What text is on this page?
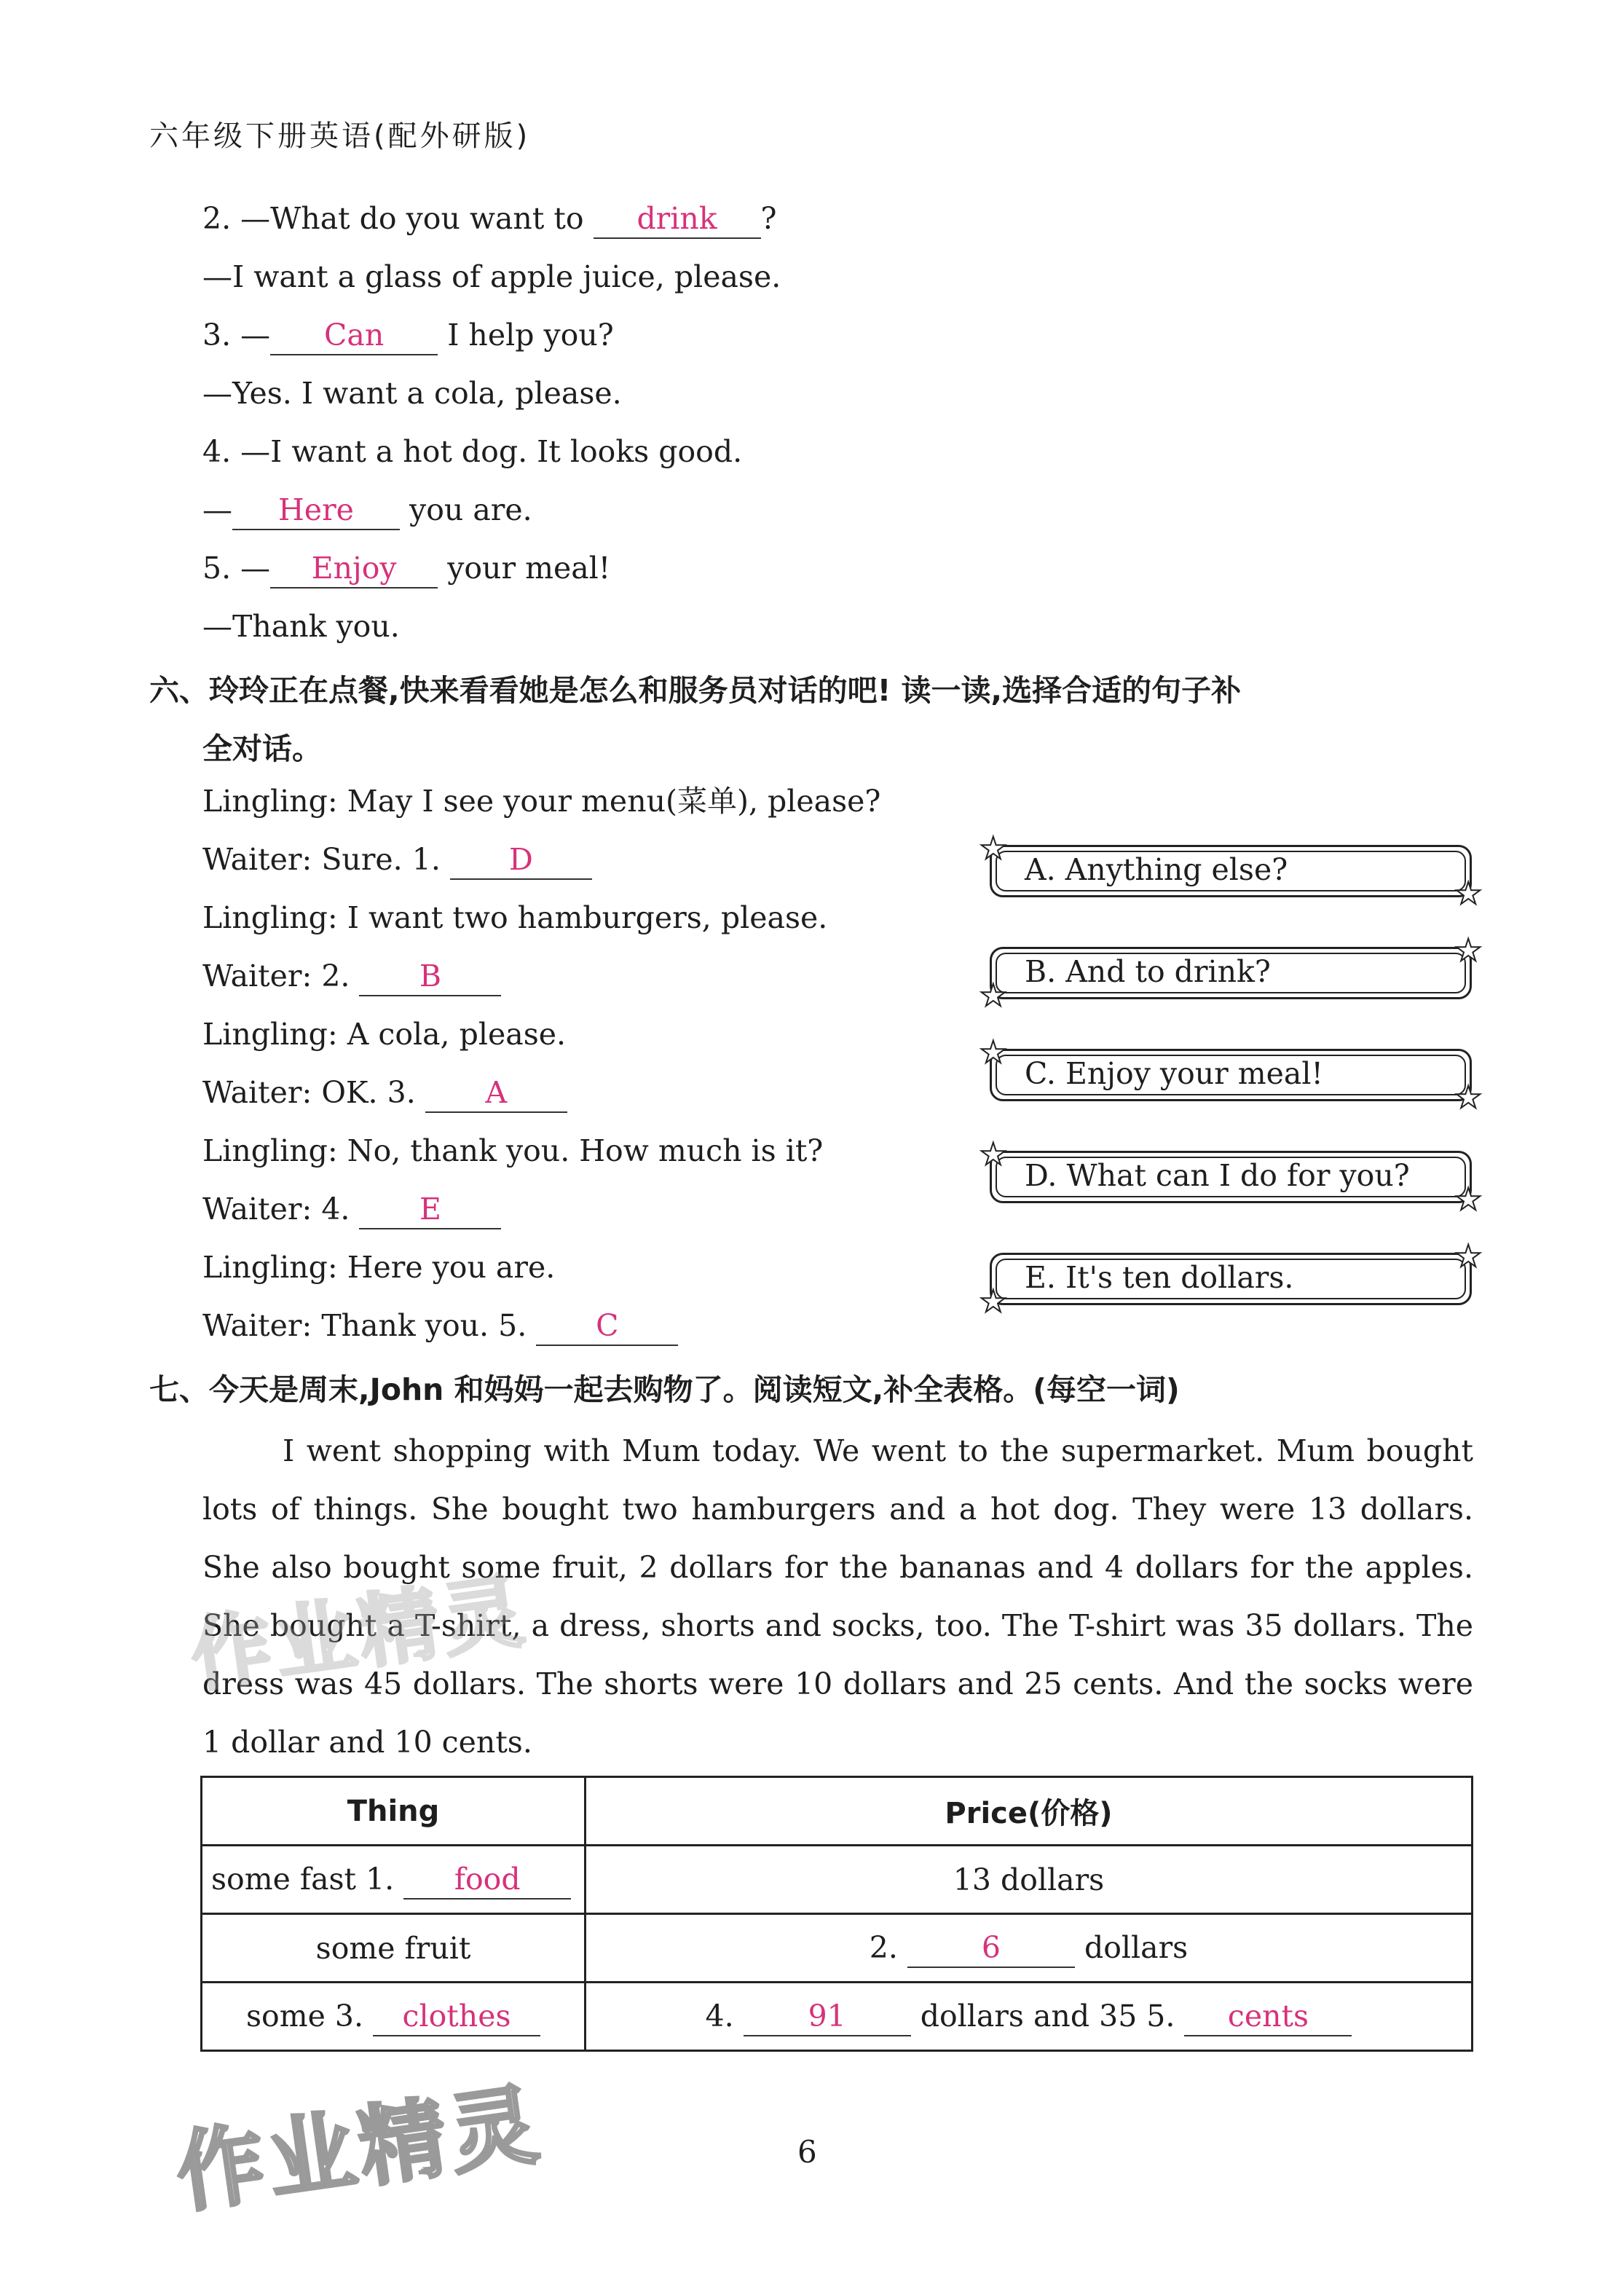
六年级下册英语(配外研版)
2. —What do you want to drink ?
—I want a glass of apple juice, please.
3. — Can I help you?
—Yes. I want a cola, please.
4. —I want a hot dog. It looks good.
— Here you are.
5. — Enjoy your meal!
—Thank you.
六、玲玲正在点餐,快来看看她是怎么和服务员对话的吧! 读一读,选择合适的句子补
全对话。
Lingling: May I see your menu(菜单), please?
Waiter: Sure. 1. D
Lingling: I want two hamburgers, please.
Waiter: 2. B
Lingling: A cola, please.
Waiter: OK. 3. A
Lingling: No, thank you. How much is it?
Waiter: 4. E
Lingling: Here you are.
Waiter: Thank you. 5. C
★
★
A. Anything else?
★
★
B. And to drink?
★
★
C. Enjoy your meal!
★
★
D. What can I do for you?
★
★
E. It's ten dollars.
七、今天是周末,John 和妈妈一起去购物了。阅读短文,补全表格。(每空一词)

I went shopping with Mum today. We went to the supermarket. Mum bought lots of things. She bought two hamburgers and a hot dog. They were 13 dollars. She also bought some fruit, 2 dollars for the bananas and 4 dollars for the apples. She bought a T-shirt, a dress, shorts and socks, too. The T-shirt was 35 dollars. The dress was 45 dollars. The shorts were 10 dollars and 25 cents. And the socks were 1 dollar and 10 cents.

Thing	Price(价格)
some fast 1. food	13 dollars
some fruit	2. 6 dollars
some 3. clothes	4. 91 dollars and 35 5. cents
作业精灵
作业精灵	6
